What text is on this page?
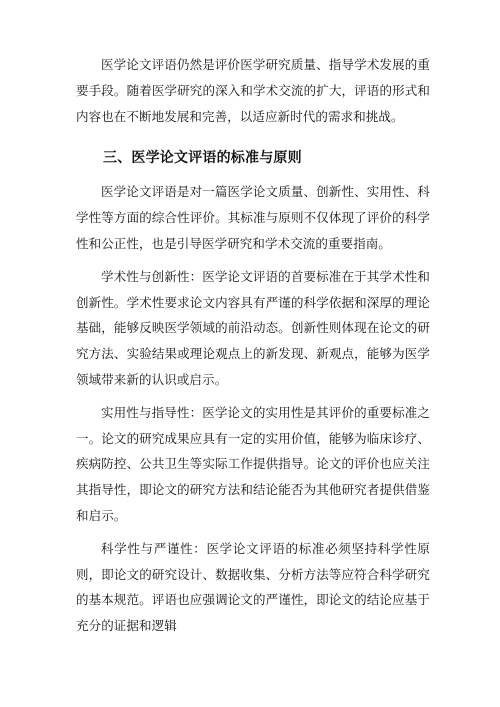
医学论文评语仍然是评价医学研究质量、指导学术发展的重要手段。随着医学研究的深入和学术交流的扩大，评语的形式和内容也在不断地发展和完善，以适应新时代的需求和挑战。

三、医学论文评语的标准与原则

医学论文评语是对一篇医学论文质量、创新性、实用性、科学性等方面的综合性评价。其标准与原则不仅体现了评价的科学性和公正性，也是引导医学研究和学术交流的重要指南。

学术性与创新性：医学论文评语的首要标准在于其学术性和创新性。学术性要求论文内容具有严谨的科学依据和深厚的理论基础，能够反映医学领域的前沿动态。创新性则体现在论文的研究方法、实验结果或理论观点上的新发现、新观点，能够为医学领域带来新的认识或启示。

实用性与指导性：医学论文的实用性是其评价的重要标准之一。论文的研究成果应具有一定的实用价值，能够为临床诊疗、疾病防控、公共卫生等实际工作提供指导。论文的评价也应关注其指导性，即论文的研究方法和结论能否为其他研究者提供借鉴和启示。

科学性与严谨性：医学论文评语的标准必须坚持科学性原则，即论文的研究设计、数据收集、分析方法等应符合科学研究的基本规范。评语也应强调论文的严谨性，即论文的结论应基于充分的证据和逻辑
